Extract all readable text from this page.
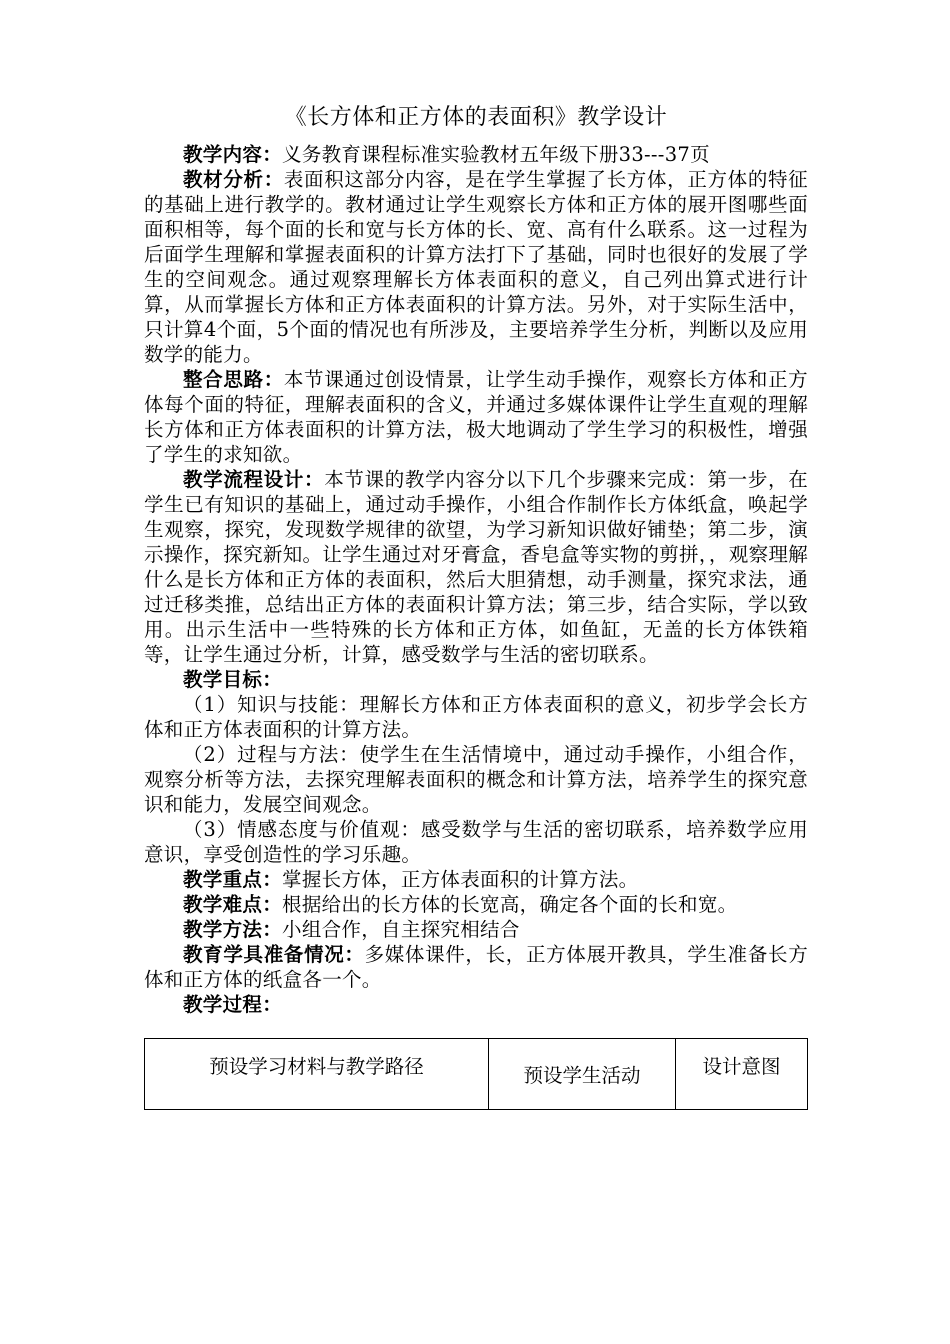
《长方体和正方体的表面积》教学设计

教学内容：义务教育课程标准实验教材五年级下册33---37页

教材分析：表面积这部分内容，是在学生掌握了长方体，正方体的特征的基础上进行教学的。教材通过让学生观察长方体和正方体的展开图哪些面面积相等，每个面的长和宽与长方体的长、宽、高有什么联系。这一过程为后面学生理解和掌握表面积的计算方法打下了基础，同时也很好的发展了学生的空间观念。通过观察理解长方体表面积的意义，自己列出算式进行计算，从而掌握长方体和正方体表面积的计算方法。另外，对于实际生活中，只计算4个面，5个面的情况也有所涉及，主要培养学生分析，判断以及应用数学的能力。

整合思路：本节课通过创设情景，让学生动手操作，观察长方体和正方体每个面的特征，理解表面积的含义，并通过多媒体课件让学生直观的理解长方体和正方体表面积的计算方法，极大地调动了学生学习的积极性，增强了学生的求知欲。

教学流程设计：本节课的教学内容分以下几个步骤来完成：第一步，在学生已有知识的基础上，通过动手操作，小组合作制作长方体纸盒，唤起学生观察，探究，发现数学规律的欲望，为学习新知识做好铺垫；第二步，演示操作，探究新知。让学生通过对牙膏盒，香皂盒等实物的剪拼，，观察理解什么是长方体和正方体的表面积，然后大胆猜想，动手测量，探究求法，通过迁移类推，总结出正方体的表面积计算方法；第三步，结合实际，学以致用。出示生活中一些特殊的长方体和正方体，如鱼缸，无盖的长方体铁箱等，让学生通过分析，计算，感受数学与生活的密切联系。

教学目标：

（1）知识与技能：理解长方体和正方体表面积的意义，初步学会长方体和正方体表面积的计算方法。

（2）过程与方法：使学生在生活情境中，通过动手操作，小组合作，观察分析等方法，去探究理解表面积的概念和计算方法，培养学生的探究意识和能力，发展空间观念。

（3）情感态度与价值观：感受数学与生活的密切联系，培养数学应用意识，享受创造性的学习乐趣。

教学重点：掌握长方体，正方体表面积的计算方法。

教学难点：根据给出的长方体的长宽高，确定各个面的长和宽。

教学方法：小组合作，自主探究相结合

教育学具准备情况：多媒体课件，长，正方体展开教具，学生准备长方体和正方体的纸盒各一个。

教学过程：

预设学习材料与教学路径	预设学生活动	设计意图
